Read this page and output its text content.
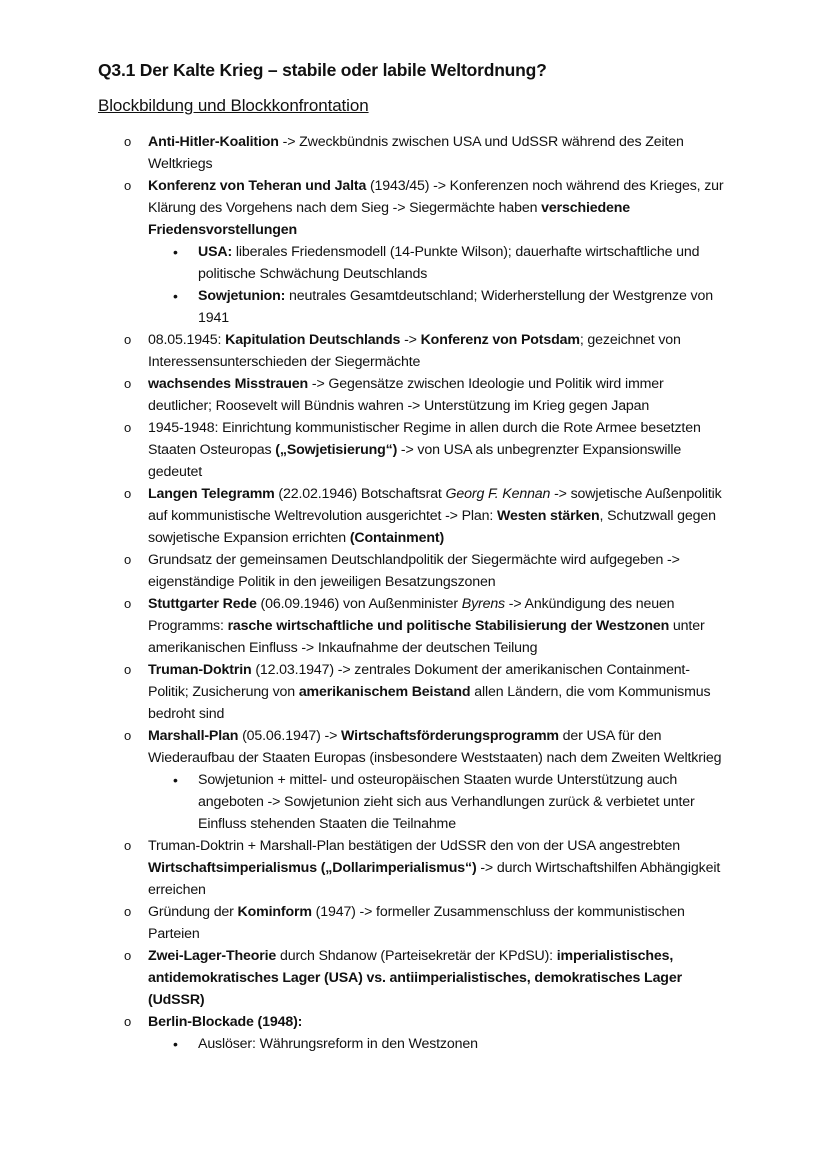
Q3.1 Der Kalte Krieg – stabile oder labile Weltordnung?
Blockbildung und Blockkonfrontation
o Anti-Hitler-Koalition -> Zweckbündnis zwischen USA und UdSSR während des Zeiten Weltkriegs
o Konferenz von Teheran und Jalta (1943/45) -> Konferenzen noch während des Krieges, zur Klärung des Vorgehens nach dem Sieg -> Siegermächte haben verschiedene Friedensvorstellungen
• USA: liberales Friedensmodell (14-Punkte Wilson); dauerhafte wirtschaftliche und politische Schwächung Deutschlands
• Sowjetunion: neutrales Gesamtdeutschland; Widerherstellung der Westgrenze von 1941
o 08.05.1945: Kapitulation Deutschlands -> Konferenz von Potsdam; gezeichnet von Interessensunterschieden der Siegermächte
o wachsendes Misstrauen -> Gegensätze zwischen Ideologie und Politik wird immer deutlicher; Roosevelt will Bündnis wahren -> Unterstützung im Krieg gegen Japan
o 1945-1948: Einrichtung kommunistischer Regime in allen durch die Rote Armee besetzten Staaten Osteuropas („Sowjetisierung“) -> von USA als unbegrenzter Expansionswille gedeutet
o Langen Telegramm (22.02.1946) Botschaftsrat Georg F. Kennan -> sowjetische Außenpolitik auf kommunistische Weltrevolution ausgerichtet -> Plan: Westen stärken, Schutzwall gegen sowjetische Expansion errichten (Containment)
o Grundsatz der gemeinsamen Deutschlandpolitik der Siegermächte wird aufgegeben -> eigenständige Politik in den jeweiligen Besatzungszonen
o Stuttgarter Rede (06.09.1946) von Außenminister Byrens -> Ankündigung des neuen Programms: rasche wirtschaftliche und politische Stabilisierung der Westzonen unter amerikanischen Einfluss -> Inkaufnahme der deutschen Teilung
o Truman-Doktrin (12.03.1947) -> zentrales Dokument der amerikanischen Containment-Politik; Zusicherung von amerikanischem Beistand allen Ländern, die vom Kommunismus bedroht sind
o Marshall-Plan (05.06.1947) -> Wirtschaftsförderungsprogramm der USA für den Wiederaufbau der Staaten Europas (insbesondere Weststaaten) nach dem Zweiten Weltkrieg
• Sowjetunion + mittel- und osteuropäischen Staaten wurde Unterstützung auch angeboten -> Sowjetunion zieht sich aus Verhandlungen zurück & verbietet unter Einfluss stehenden Staaten die Teilnahme
o Truman-Doktrin + Marshall-Plan bestätigen der UdSSR den von der USA angestrebten Wirtschaftsimperialismus („Dollarimperialismus“) -> durch Wirtschaftshilfen Abhängigkeit erreichen
o Gründung der Kominform (1947) -> formeller Zusammenschluss der kommunistischen Parteien
o Zwei-Lager-Theorie durch Shdanow (Parteisekretär der KPdSU): imperialistisches, antidemokratisches Lager (USA) vs. antiimperialistisches, demokratisches Lager (UdSSR)
o Berlin-Blockade (1948):
• Auslöser: Währungsreform in den Westzonen
